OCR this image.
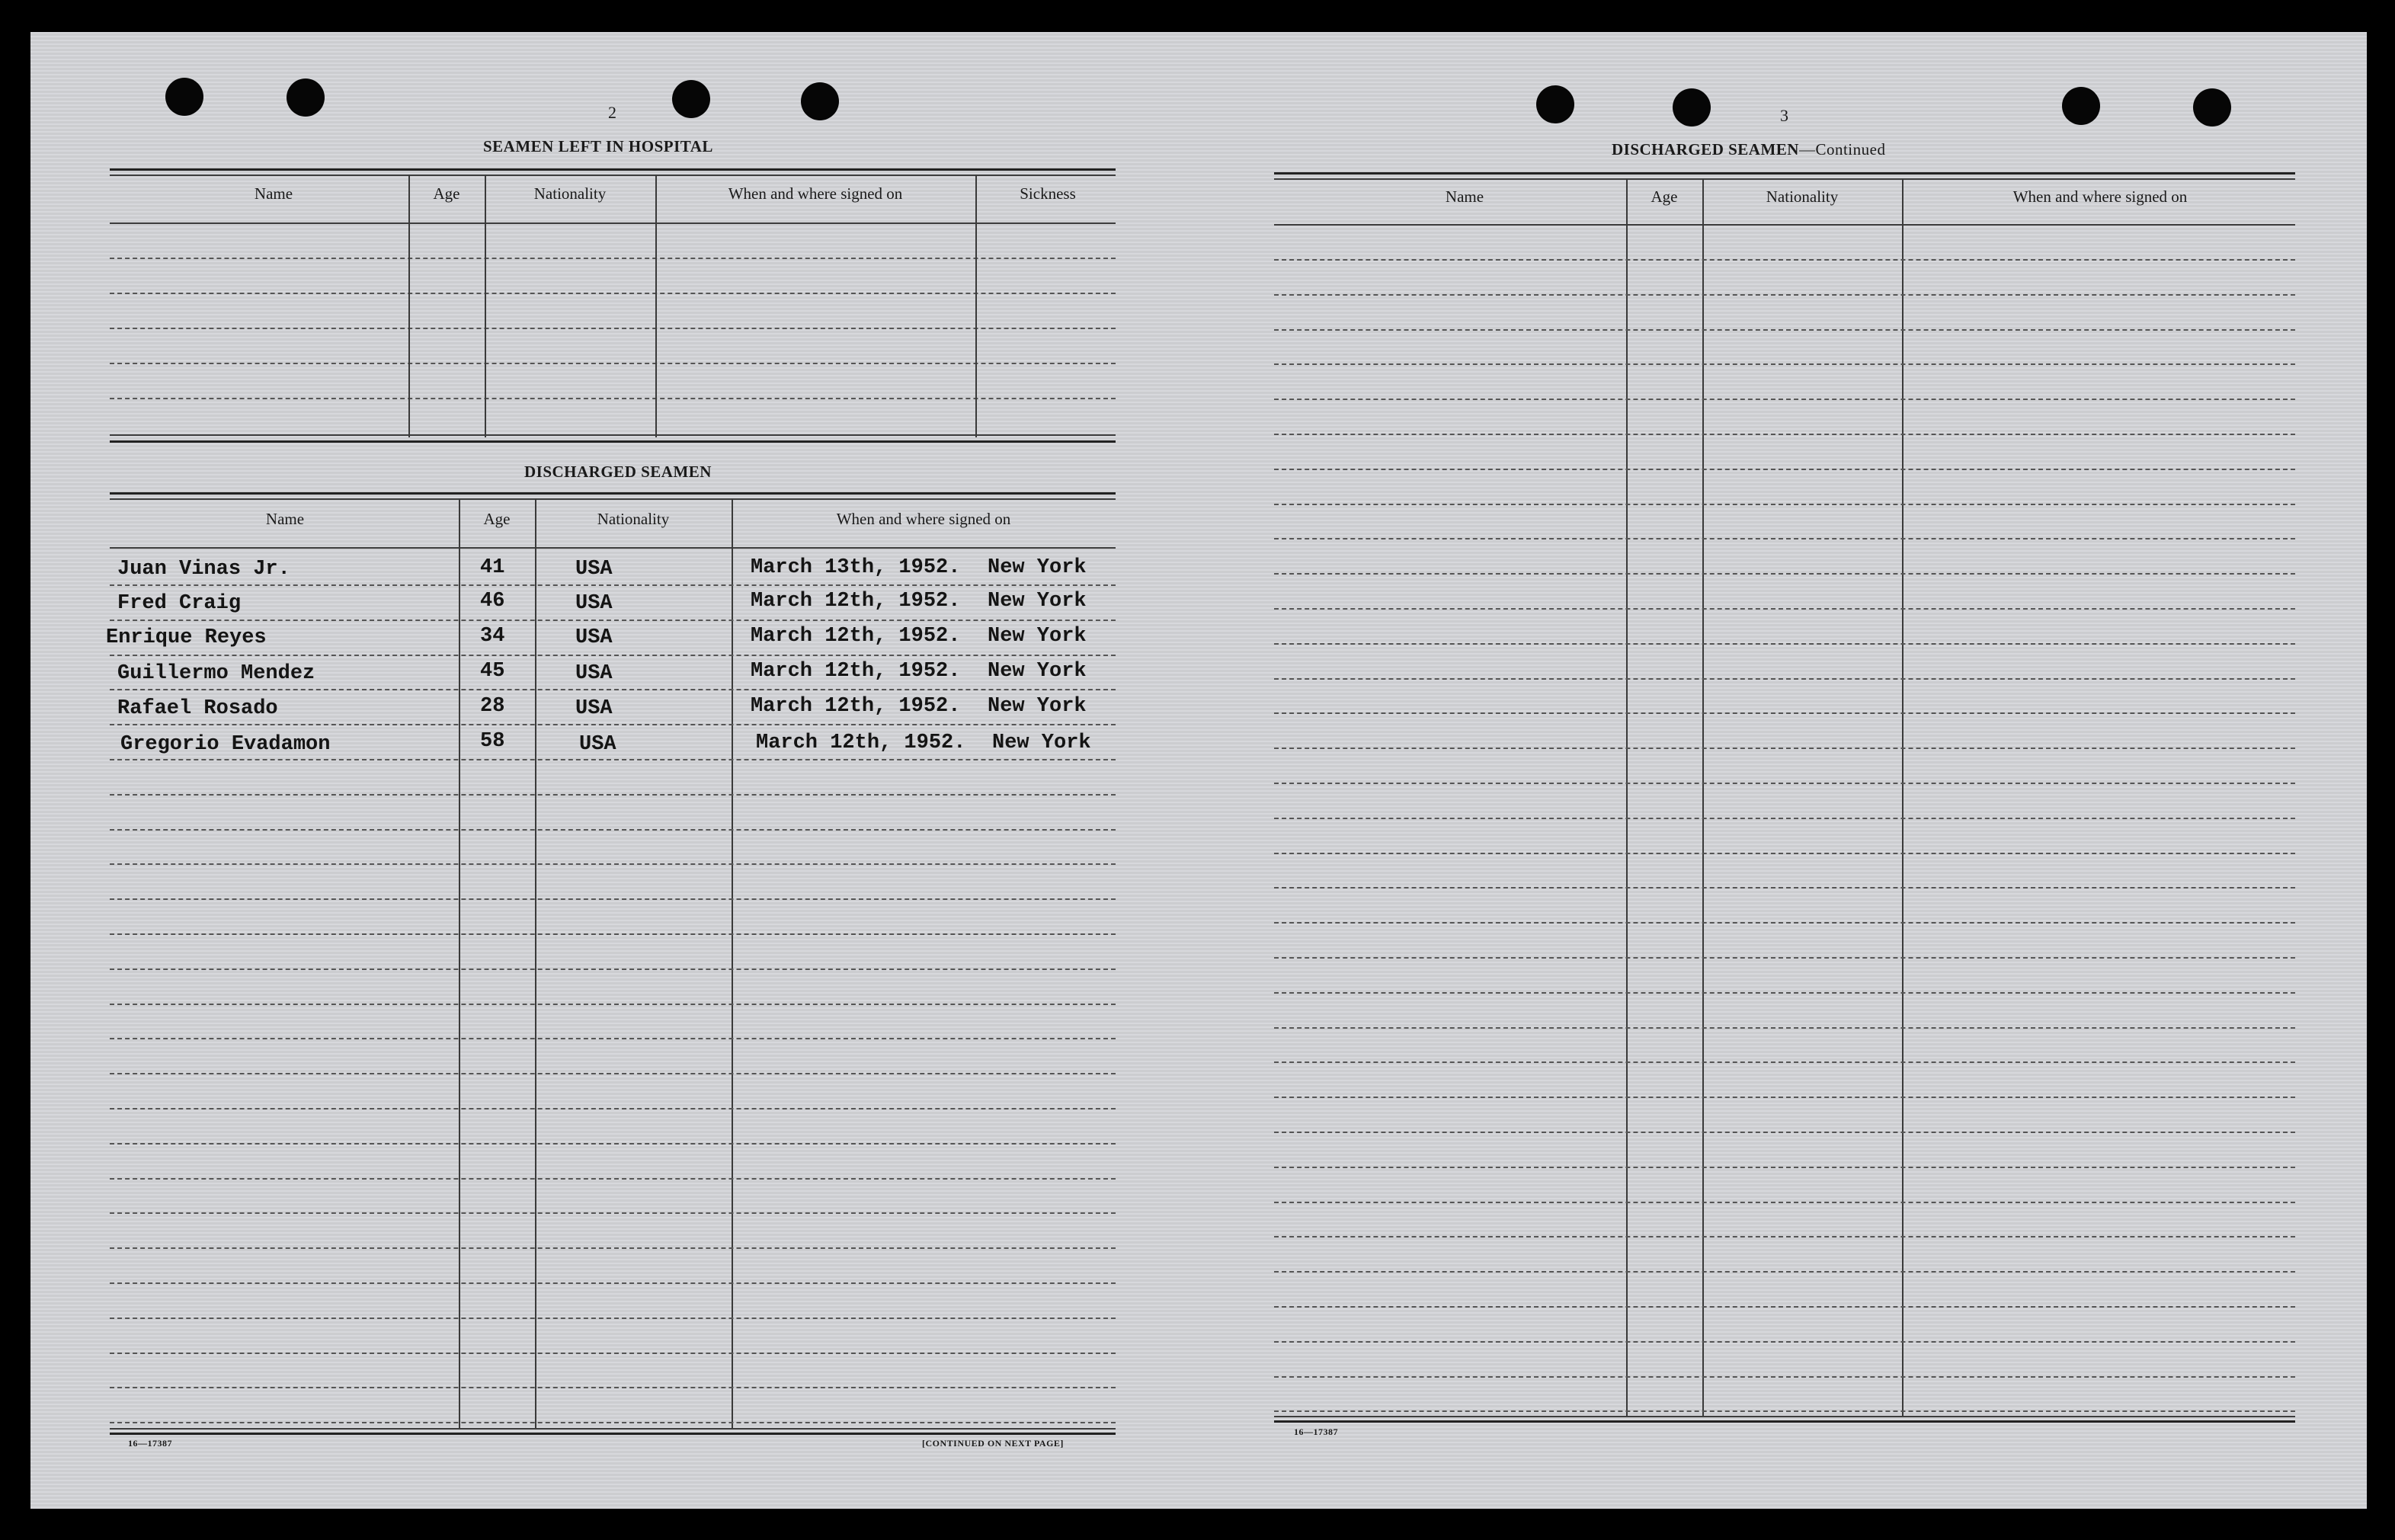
2
SEAMEN LEFT IN HOSPITAL
Name	Age	Nationality	When and where signed on	Sickness
DISCHARGED SEAMEN
Name	Age	Nationality	When and where signed on
Juan Vinas Jr.	41	USA	March 13th, 1952. New York
Fred Craig	46	USA	March 12th, 1952. New York
Enrique Reyes	34	USA	March 12th, 1952. New York
Guillermo Mendez	45	USA	March 12th, 1952. New York
Rafael Rosado	28	USA	March 12th, 1952. New York
Gregorio Evadamon	58	USA	March 12th, 1952. New York
16—17387	[CONTINUED ON NEXT PAGE]
3
DISCHARGED SEAMEN—Continued
Name	Age	Nationality	When and where signed on
16—17387
